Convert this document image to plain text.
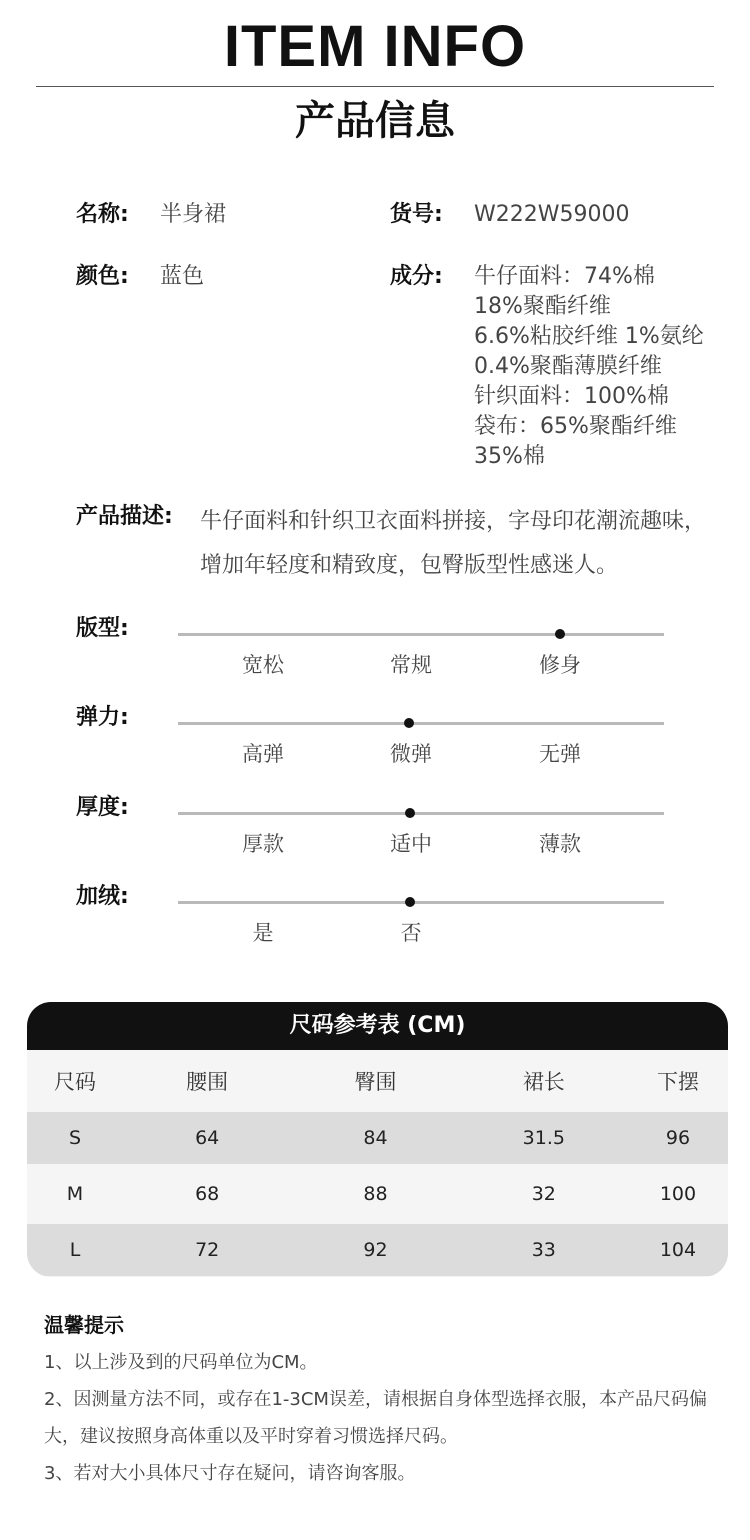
ITEM INFO
产品信息
名称: 半身裙	货号: W222W59000
颜色: 蓝色	成分: 牛仔面料：74%棉
18%聚酯纤维
6.6%粘胶纤维 1%氨纶
0.4%聚酯薄膜纤维
针织面料：100%棉
袋布：65%聚酯纤维
35%棉
产品描述: 牛仔面料和针织卫衣面料拼接，字母印花潮流趣味，增加年轻度和精致度，包臀版型性感迷人。
版型:
宽松	常规	修身
弹力:
高弹	微弹	无弹
厚度:
厚款	适中	薄款
加绒:
是	否
尺码参考表 (CM)
尺码	腰围	臀围	裙长	下摆
S	64	84	31.5	96
M	68	88	32	100
L	72	92	33	104
温馨提示
1、以上涉及到的尺码单位为CM。
2、因测量方法不同，或存在1-3CM误差，请根据自身体型选择衣服，本产品尺码偏大，建议按照身高体重以及平时穿着习惯选择尺码。
3、若对大小具体尺寸存在疑问，请咨询客服。
